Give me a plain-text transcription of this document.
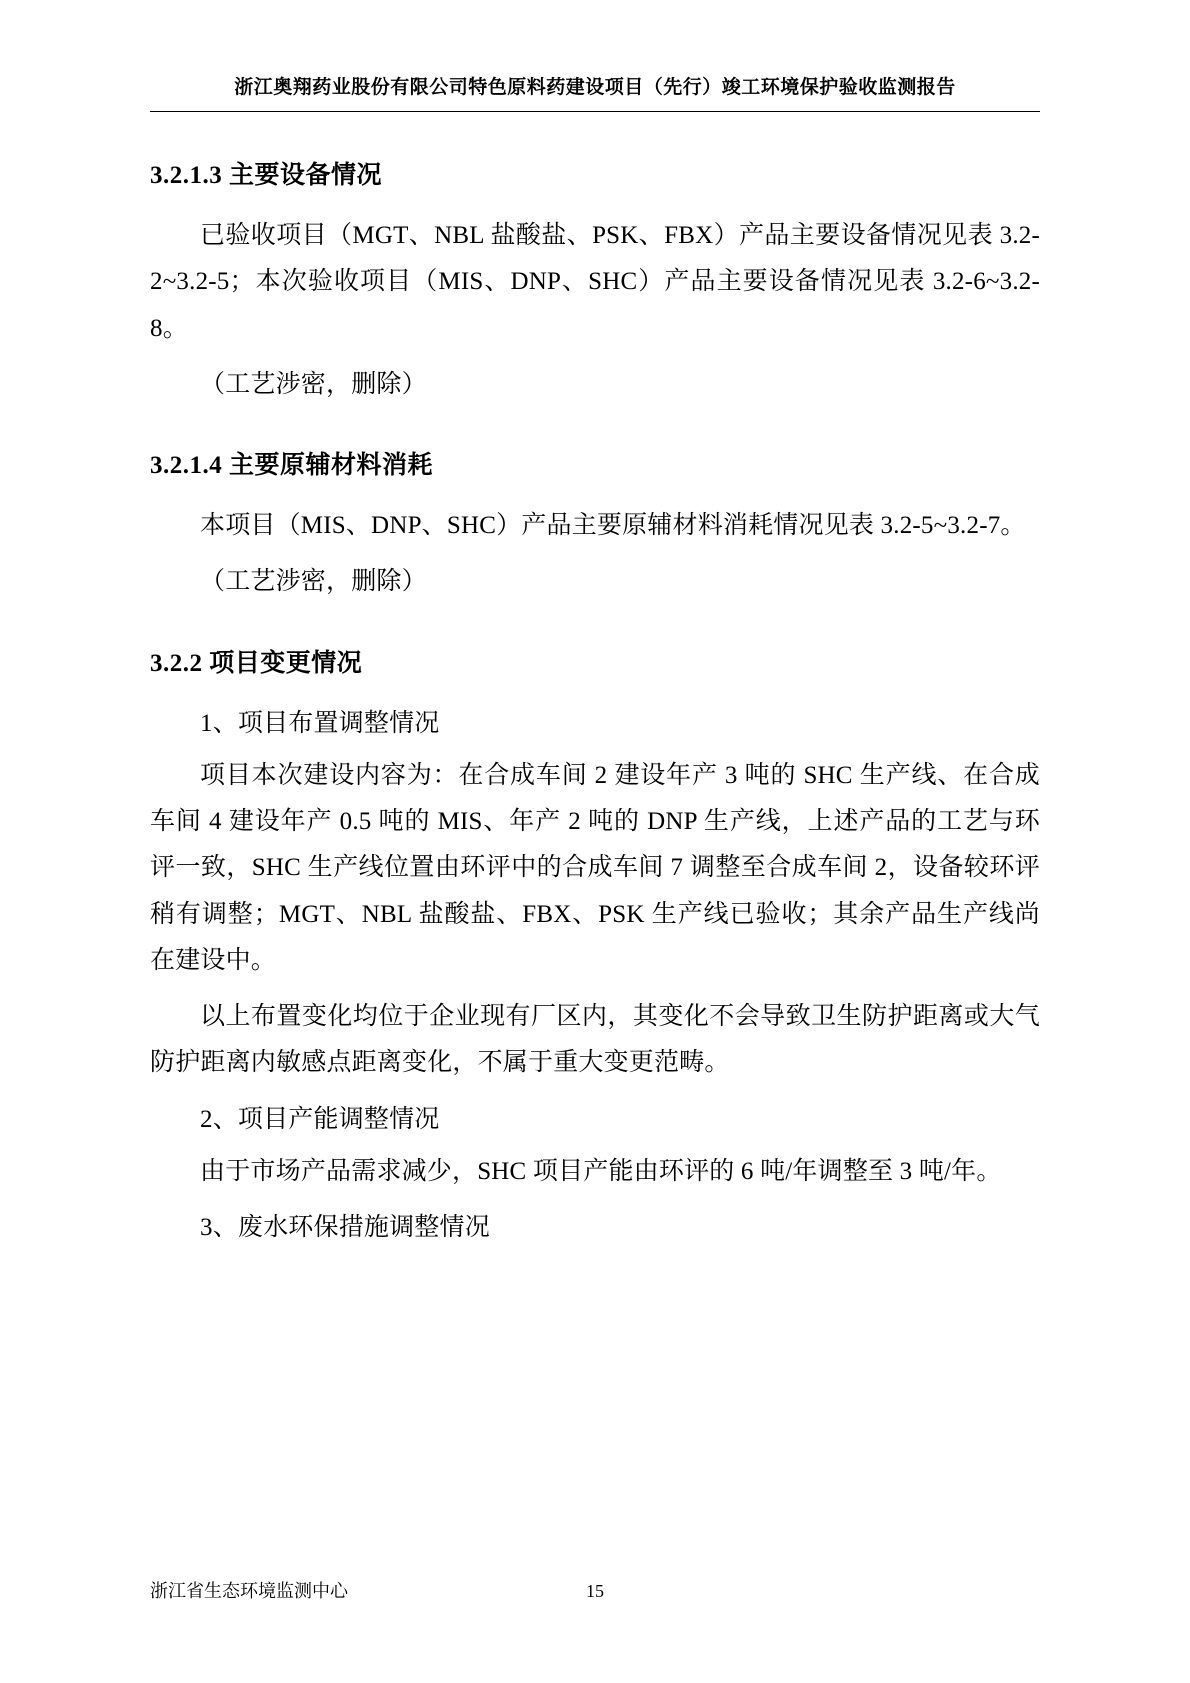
浙江奥翔药业股份有限公司特色原料药建设项目（先行）竣工环境保护验收监测报告
3.2.1.3 主要设备情况

已验收项目（MGT、NBL 盐酸盐、PSK、FBX）产品主要设备情况见表 3.2-2~3.2-5；本次验收项目（MIS、DNP、SHC）产品主要设备情况见表 3.2-6~3.2-8。

（工艺涉密，删除）

3.2.1.4 主要原辅材料消耗

本项目（MIS、DNP、SHC）产品主要原辅材料消耗情况见表 3.2-5~3.2-7。

（工艺涉密，删除）

3.2.2 项目变更情况

1、项目布置调整情况

项目本次建设内容为：在合成车间 2 建设年产 3 吨的 SHC 生产线、在合成车间 4 建设年产 0.5 吨的 MIS、年产 2 吨的 DNP 生产线，上述产品的工艺与环评一致，SHC 生产线位置由环评中的合成车间 7 调整至合成车间 2，设备较环评稍有调整；MGT、NBL 盐酸盐、FBX、PSK 生产线已验收；其余产品生产线尚在建设中。

以上布置变化均位于企业现有厂区内，其变化不会导致卫生防护距离或大气防护距离内敏感点距离变化，不属于重大变更范畴。

2、项目产能调整情况

由于市场产品需求减少，SHC 项目产能由环评的 6 吨/年调整至 3 吨/年。

3、废水环保措施调整情况

浙江省生态环境监测中心	15
